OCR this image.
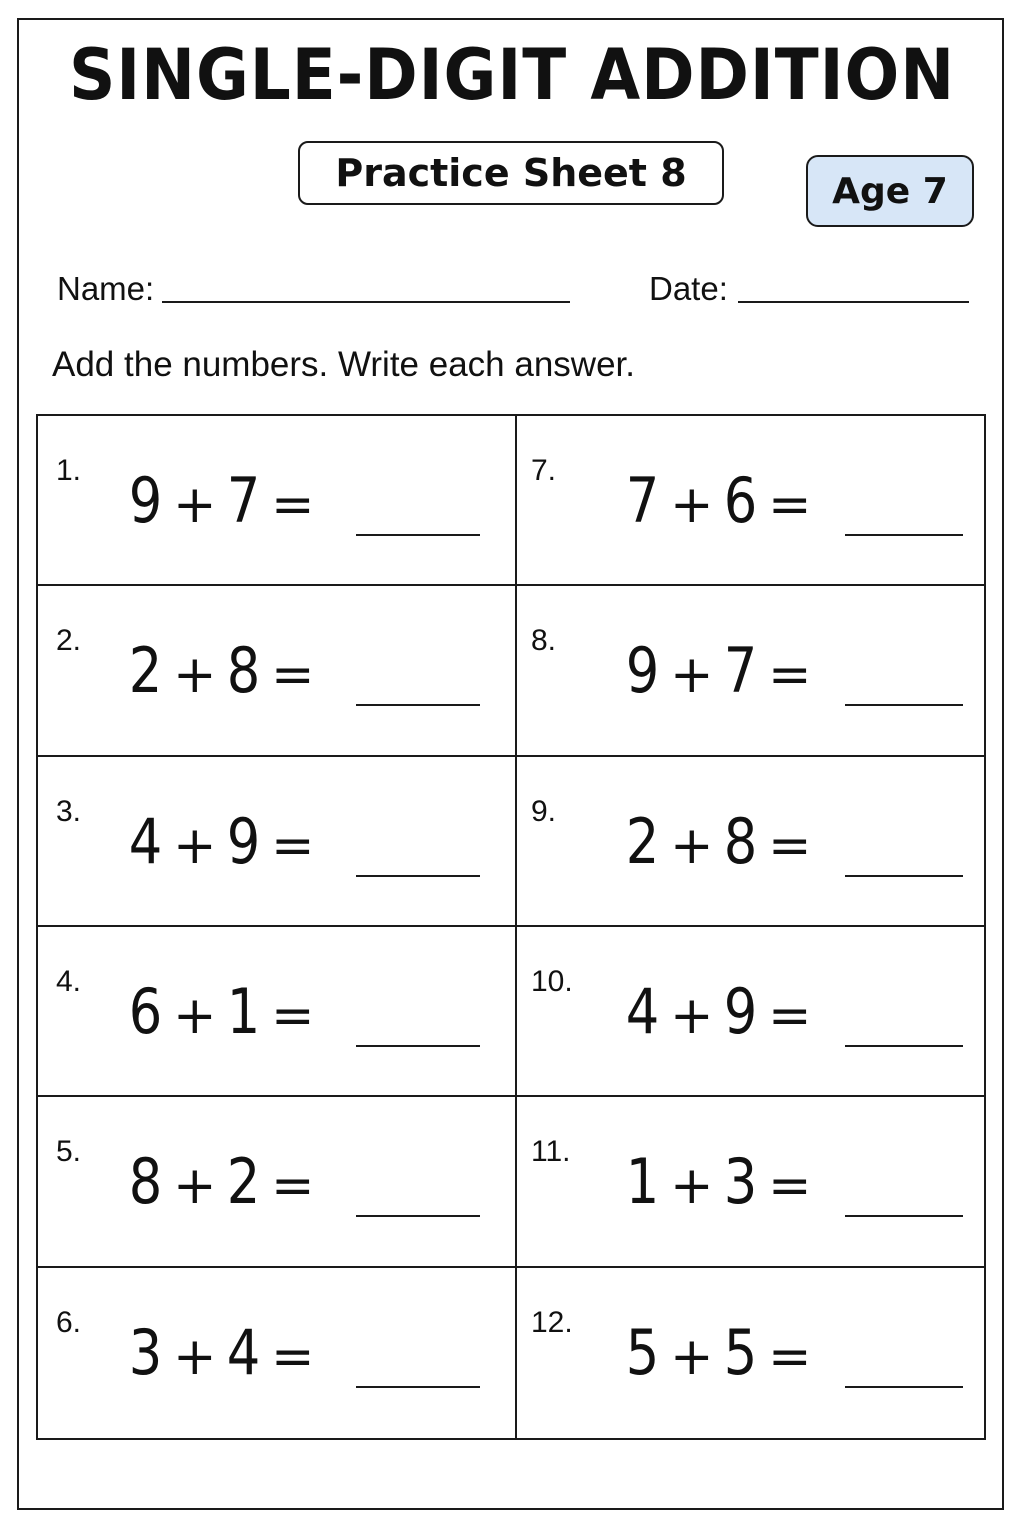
SINGLE-DIGIT ADDITION
Practice Sheet 8	Age 7
Name:	Date:
Add the numbers. Write each answer.
1. 9 + 7 =
7. 7 + 6 =
2. 2 + 8 =
8. 9 + 7 =
3. 4 + 9 =
9. 2 + 8 =
4. 6 + 1 =
10. 4 + 9 =
5. 8 + 2 =
11. 1 + 3 =
6. 3 + 4 =
12. 5 + 5 =
